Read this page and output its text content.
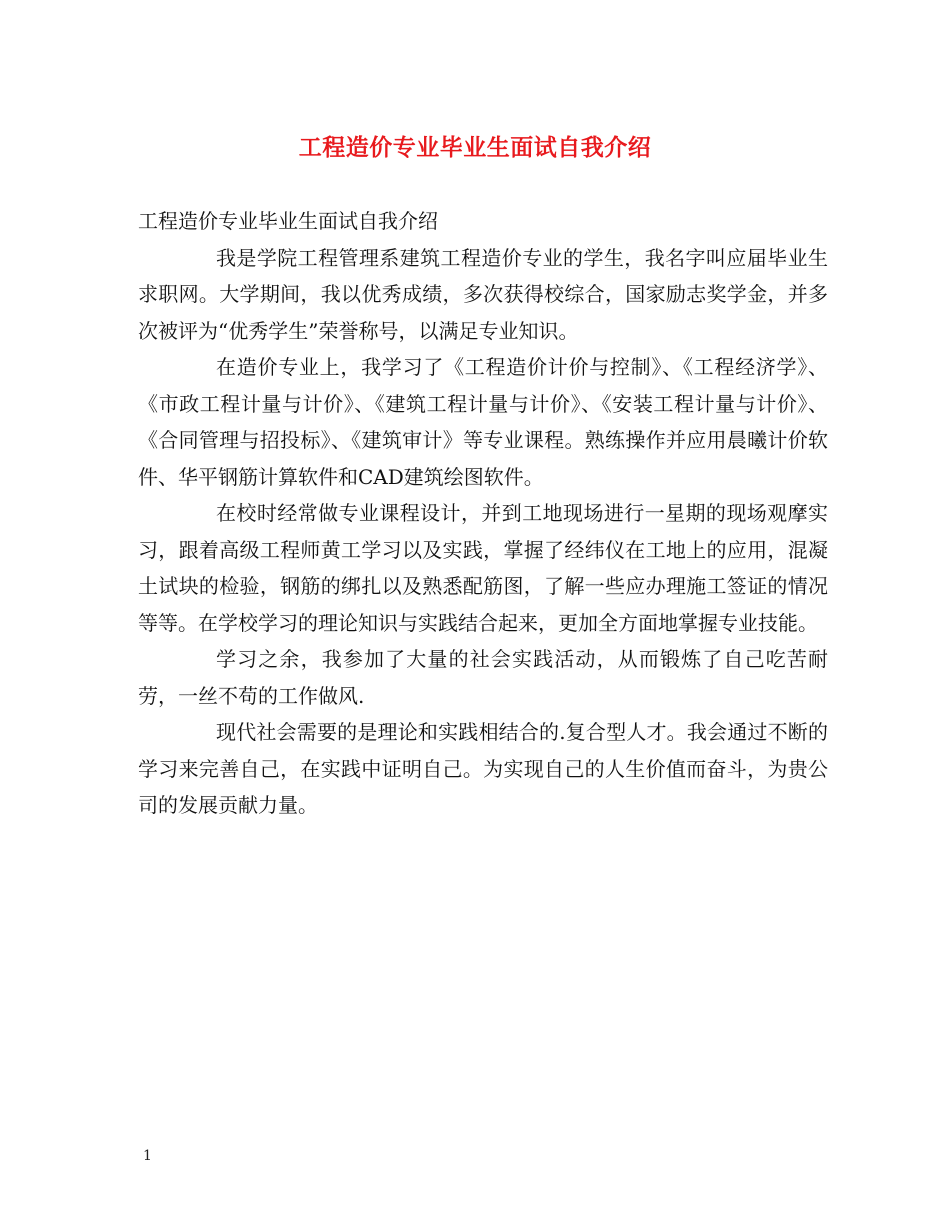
工程造价专业毕业生面试自我介绍

工程造价专业毕业生面试自我介绍

我是学院工程管理系建筑工程造价专业的学生，我名字叫应届毕业生求职网。大学期间，我以优秀成绩，多次获得校综合，国家励志奖学金，并多次被评为“优秀学生”荣誉称号，以满足专业知识。

在造价专业上，我学习了《工程造价计价与控制》、《工程经济学》、《市政工程计量与计价》、《建筑工程计量与计价》、《安装工程计量与计价》、《合同管理与招投标》、《建筑审计》等专业课程。熟练操作并应用晨曦计价软件、华平钢筋计算软件和CAD建筑绘图软件。

在校时经常做专业课程设计，并到工地现场进行一星期的现场观摩实习，跟着高级工程师黄工学习以及实践，掌握了经纬仪在工地上的应用，混凝土试块的检验，钢筋的绑扎以及熟悉配筋图，了解一些应办理施工签证的情况等等。在学校学习的理论知识与实践结合起来，更加全方面地掌握专业技能。

学习之余，我参加了大量的社会实践活动，从而锻炼了自己吃苦耐劳，一丝不苟的工作做风.

现代社会需要的是理论和实践相结合的.复合型人才。我会通过不断的学习来完善自己，在实践中证明自己。为实现自己的人生价值而奋斗，为贵公司的发展贡献力量。

1
